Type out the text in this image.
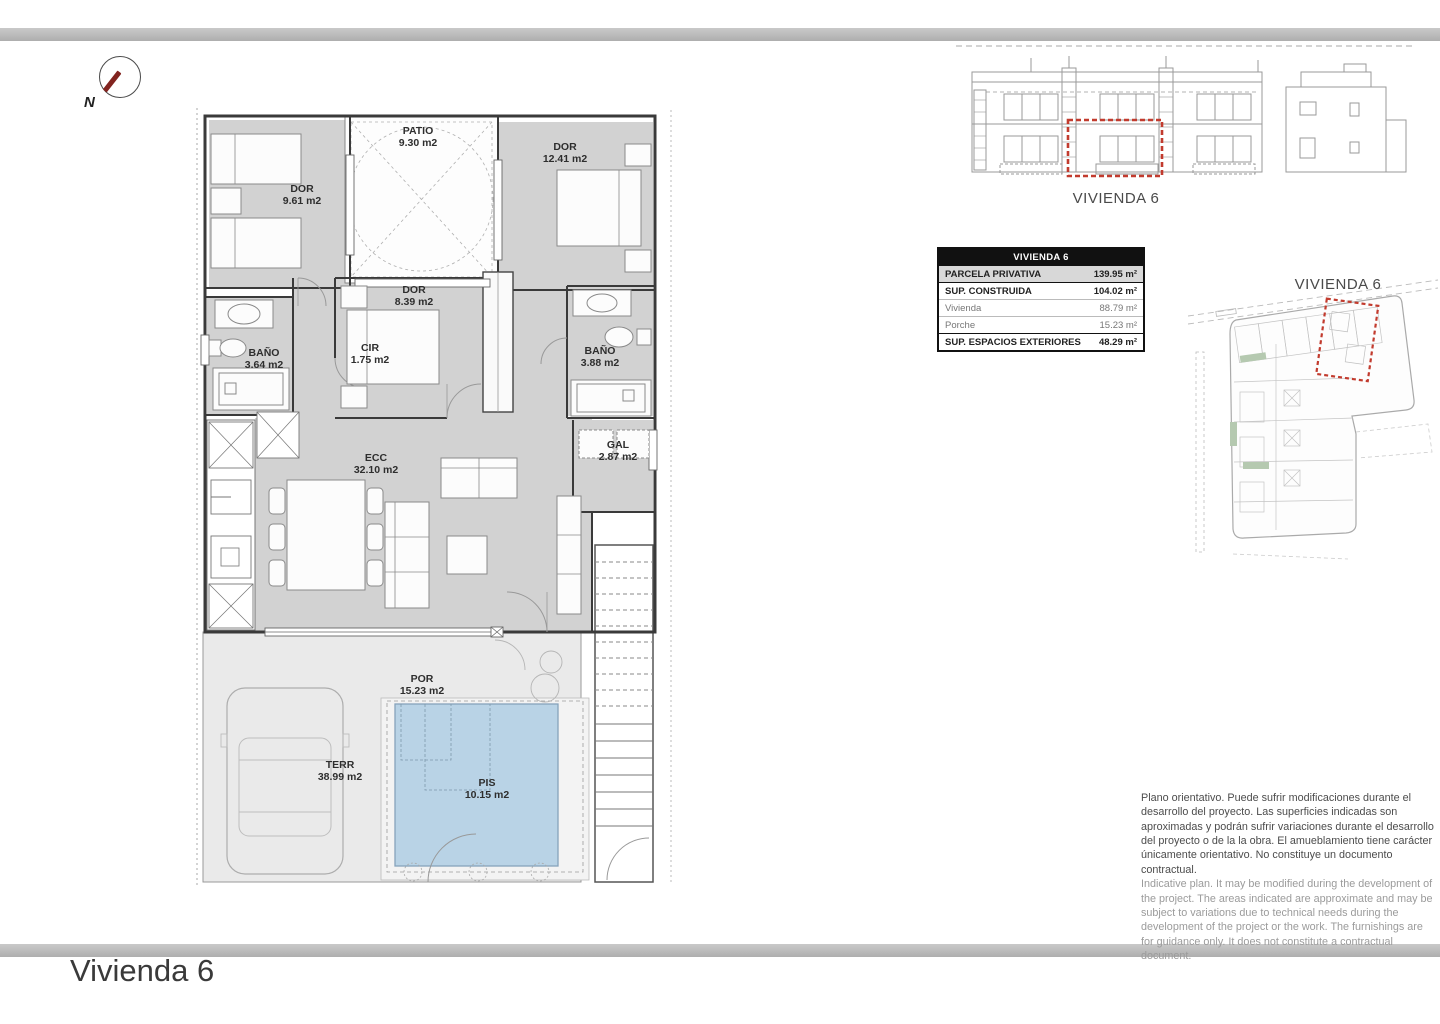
Vivienda 6
N
DOR
9.61 m2
PATIO
9.30 m2	DOR
12.41 m2
BAÑO
3.64 m2
CIR
1.75 m2
DOR
8.39 m2
BAÑO
3.88 m2
GAL
2.87 m2
ECC
32.10 m2
POR
15.23 m2
TERR
38.99 m2	PIS
10.15 m2
VIVIENDA 6
VIVIENDA 6
VIVIENDA 6
PARCELA PRIVATIVA	139.95 m²
SUP. CONSTRUIDA	104.02 m²
Vivienda	88.79 m²
Porche	15.23 m²
SUP. ESPACIOS EXTERIORES 48.29 m²
Plano orientativo. Puede sufrir modificaciones durante el desarrollo del proyecto. Las superficies indicadas son aproximadas y podrán sufrir variaciones durante el desarrollo del proyecto o de la la obra. El amueblamiento tiene carácter únicamente orientativo. No constituye un documento contractual.
Indicative plan. It may be modified during the development of the project. The areas indicated are approximate and may be subject to variations due to technical needs during the development of the project or the work. The furnishings are for guidance only. It does not constitute a contractual document.
